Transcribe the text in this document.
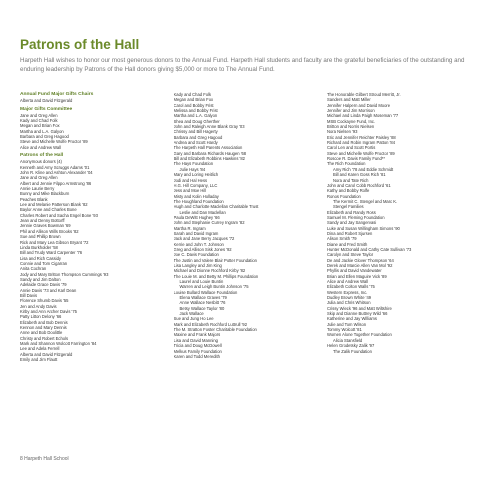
Patrons of the Hall

Harpeth Hall wishes to honor our most generous donors to the Annual Fund. Harpeth Hall students and faculty are the grateful beneficiaries of the outstanding and enduring leadership by Patrons of the Hall donors giving $5,000 or more to The Annual Fund.

Annual Fund Major Gifts Chairs
Alberta and David Fitzgerald
Major Gifts Committee
Jane and Greg Allen
Kady and Chad Folk
Megan and Brian Fox
Martha and L.A. Galyon
Barbara and Greg Hagood
Steve and Michelle Wolfe Proctor '89
Alice and Andrew Wall
Patrons of the Hall
Anonymous donors (4)
Kenneth and Amy Scruggs Adams '01
John R. Kline and Ashton Alexander '04
Jane and Greg Allen
Albert and Jennie Filppo Armstrong '86
Annie Laurie Berry
Bunny and Mike Blackburn
Peaches Blank
Lee and Melanie Patterson Blank '82
Baylor Anne and Charles Bone
Charles Robert and Sacha Engel Bone '93
Jean and Denny Bottorff
Jennie Graves Bowman '69
Phil and Allison Wills Brooks '82
Sue and Phillip Brown
Rick and Mary Lea Gibson Bryant '72
Linda Burkholder '58
Bill and Trudy Ward Carpenter '76
Lisa and Rich Cassidy
Connie and Tom Cigarran
Anita Cochran
Jody and Mary Britton Thompson Cummings '93
Sandy and Jim Dalton
Adelaide Grace Davis '79
Annie Davis '73 and Karl Dean
Bill Davis
Florence Shumb Davis '55
Jen and Andy Davis
Kirby and Ann Archer Davis '75
Patty Litton Delony '66
Elizabeth and Bob Dennis
Kennon and Mary Dennis
Anne and Bob Doolittle
Christy and Robert Echols
Mark and Shannon Wolcott Farrington '84
Lee and Adela Ferrell
Alberta and David Fitzgerald
Emily and Jim Flautt
Kady and Chad Folk
Megan and Brian Fox
Carol and Bobby Frist
Melissa and Bobby Frist
Martha and L.A. Galyon
Shea and Doug Gherther
John and Raleigh Anne Blank Gray '03
Chrissy and Bill Hagerty
Barbara and Greg Hagood
Andrea and Scott Hardy
The Harpeth Hall Parents Association
Gary and Barbara Richards Haugen '68
Bill and Elizabeth Robbins Hawkins '82
The Hays Foundation
Julie Hays '84
Mary and Loring Heitlich
Jodi and Hal Hess
H.G. Hill Company, LLC
Jess and Moe Hill
Misty and Kolin Holladay
The Houghland Foundation
Hugh and Charlotte Maclellan Charitable Trust
Leslie and Dan Maclellan
Paula DeWitt Hughey '66
John and Stephanie Currey Ingram '82
Martha R. Ingram
Sarah and David Ingram
Jack and Jane Berry Jacques '72
Kerrie and John T. Johnson
Greg and Allison Sisk Jones '92
Joe C. Davis Foundation
The Justin and Valere Blair Potter Foundation
Lisa Langley and Jim King
Michael and Dionne Rochford Kirby '82
The Louie M. and Betty M. Phillips Foundation
Laurel and Louie Buntin
Warren and Leigh Buntin Johnson '75
Louise Bullard Wallace Foundation
Elena Wallace Graves '79
Anne Wallace Nesbitt '76
Betsy Wallace Taylor '80
Jack Wallace
Sue and Jung Ho Lee
Mark and Elizabeth Rochford Luttrull '92
The M. Stratton Foster Charitable Foundation
Maxine and Frank Majors
Lisa and David Manning
Tricia and Doug McDowell
Melkus Family Foundation
Karen and Todd Meredith
The Honorable Gilbert Stroud Merritt, Jr.
Sanders and Matt Miller
Jennifer Halpern and David Moore
Jennifer and Jim Morrison
Michael and Linda Paigh Moseman '77
MSB Cockayne Fund, Inc.
Britton and Norris Nielsen
Nora Nielsen '93
Eric and Jennifer Reichter Paisley '88
Richard and Robin Ingram Patton '84
Carol Len and Scott Portis
Steve and Michelle Wolfe Proctor '89
Roscoe R. Davis Family Fund**
The Rich Foundation
Amy Rich '78 and Eddie Schmidt
Bill and Karen Goss Rich '81
Nora and Tate Rich
John and Carol Cobb Rochford '61
Kathy and Bobby Rolfe
Ronos Foundation
The Kermit C. Stengel and Marc K.
Stengel Families
Elizabeth and Randy Ross
Samuel M. Fleming Foundation
Sandy and Jay Sangervasi
Luke and Susan Willingham Simons '90
Dina and Robert Sjursen
Alison Smith '79
Diane and Fred Smith
Hunter McDonald and Cathy Cate Sullivan '73
Carolyn and Steve Taylor
De and Jackie Glover Thompson '64
Derek and Marcie Allen Van Mol '92
Phyllis and David Vandewater
Brian and Ellen Maguire Vick '89
Alice and Andrew Wall
Elizabeth Colton Walls '75
Western Express, Inc.
Dudley Brown White '49
Julia and Chris Whitson
Crissy Wieck '96 and Matt Wiltshire
Skip and Dianne Buttrey Wild '66
Katherine and Jay Williams
Julie and Tom Wilson
Tommy Wolcott '81
Women Alone Together Foundation
Alicia Stansfield
Helen Grodetsky Zalik '97
The Zalik Foundation
8 Harpeth Hall School
